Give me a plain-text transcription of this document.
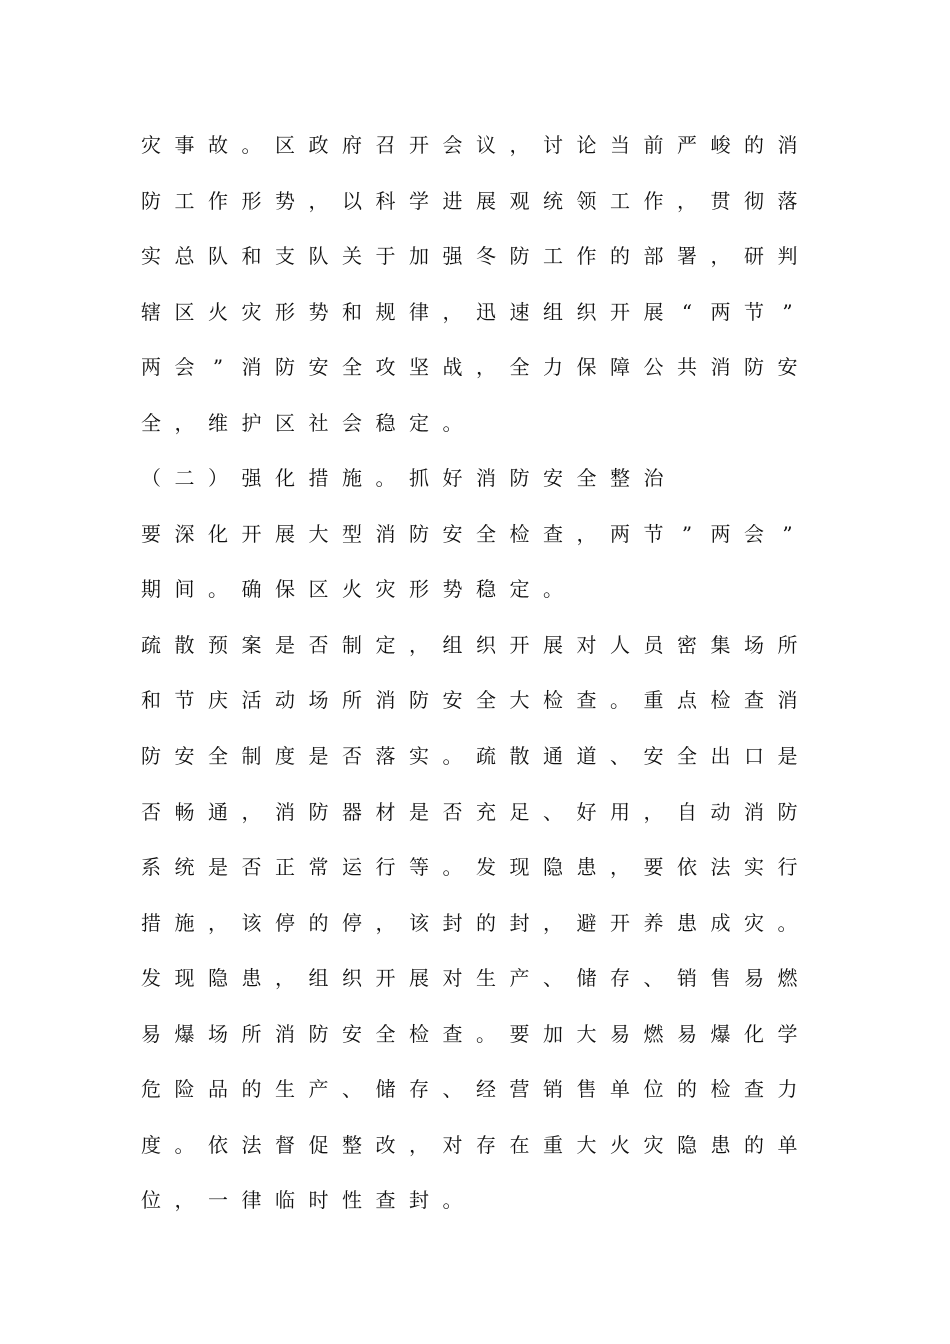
灾 事 故 。 区 政 府 召 开 会 议 ， 讨 论 当 前 严 峻 的 消
防 工 作 形 势 ， 以 科 学 进 展 观 统 领 工 作 ， 贯 彻 落
实 总 队 和 支 队 关 于 加 强 冬 防 工 作 的 部 署 ， 研 判
辖 区 火 灾 形 势 和 规 律 ， 迅 速 组 织 开 展 “ 两 节 ”
两 会 ” 消 防 安 全 攻 坚 战 ， 全 力 保 障 公 共 消 防 安
全 ， 维 护 区 社 会 稳 定 。
（ 二 ） 强 化 措 施 。 抓 好 消 防 安 全 整 治
要 深 化 开 展 大 型 消 防 安 全 检 查 ， 两 节 ” 两 会 ”
期 间 。 确 保 区 火 灾 形 势 稳 定 。
疏 散 预 案 是 否 制 定 ， 组 织 开 展 对 人 员 密 集 场 所
和 节 庆 活 动 场 所 消 防 安 全 大 检 查 。 重 点 检 查 消
防 安 全 制 度 是 否 落 实 。 疏 散 通 道 、 安 全 出 口 是
否 畅 通 ， 消 防 器 材 是 否 充 足 、 好 用 ， 自 动 消 防
系 统 是 否 正 常 运 行 等 。 发 现 隐 患 ， 要 依 法 实 行
措 施 ， 该 停 的 停 ， 该 封 的 封 ， 避 开 养 患 成 灾 。
发 现 隐 患 ， 组 织 开 展 对 生 产 、 储 存 、 销 售 易 燃
易 爆 场 所 消 防 安 全 检 查 。 要 加 大 易 燃 易 爆 化 学
危 险 品 的 生 产 、 储 存 、 经 营 销 售 单 位 的 检 查 力
度 。 依 法 督 促 整 改 ， 对 存 在 重 大 火 灾 隐 患 的 单
位 ， 一 律 临 时 性 查 封 。
